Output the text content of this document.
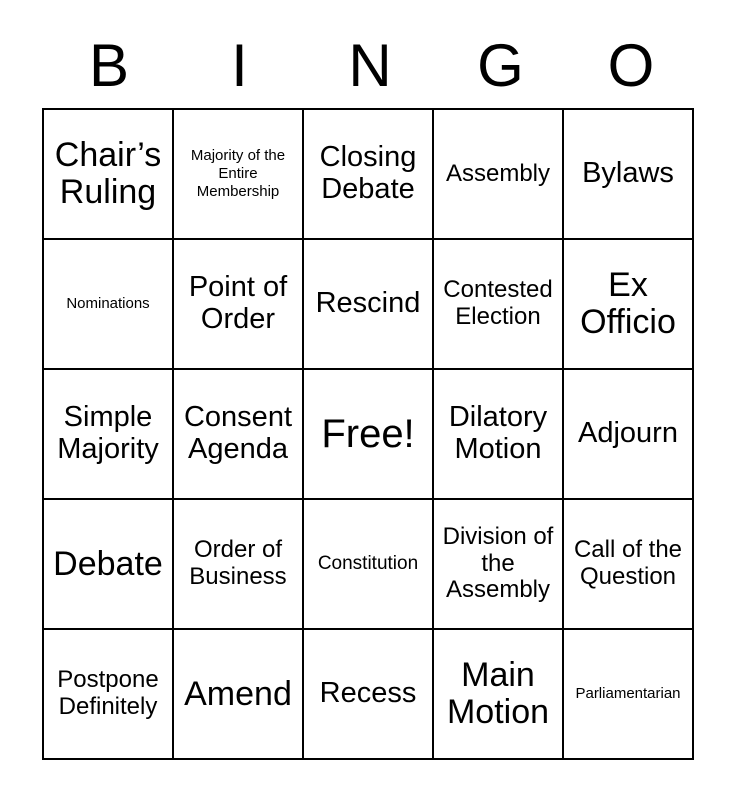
B	I	N	G	O
Chair’s Ruling
Majority of the Entire Membership
Closing Debate	Assembly	Bylaws
Nominations
Point of Order	Rescind Contested Election
Ex Officio
Simple Majority
Consent Agenda Free!	Dilatory Motion	Adjourn
Debate	Order of Business	Constitution
Division of the Assembly
Call of the Question
Postpone Definitely Amend Recess	Main Motion	Parliamentarian
